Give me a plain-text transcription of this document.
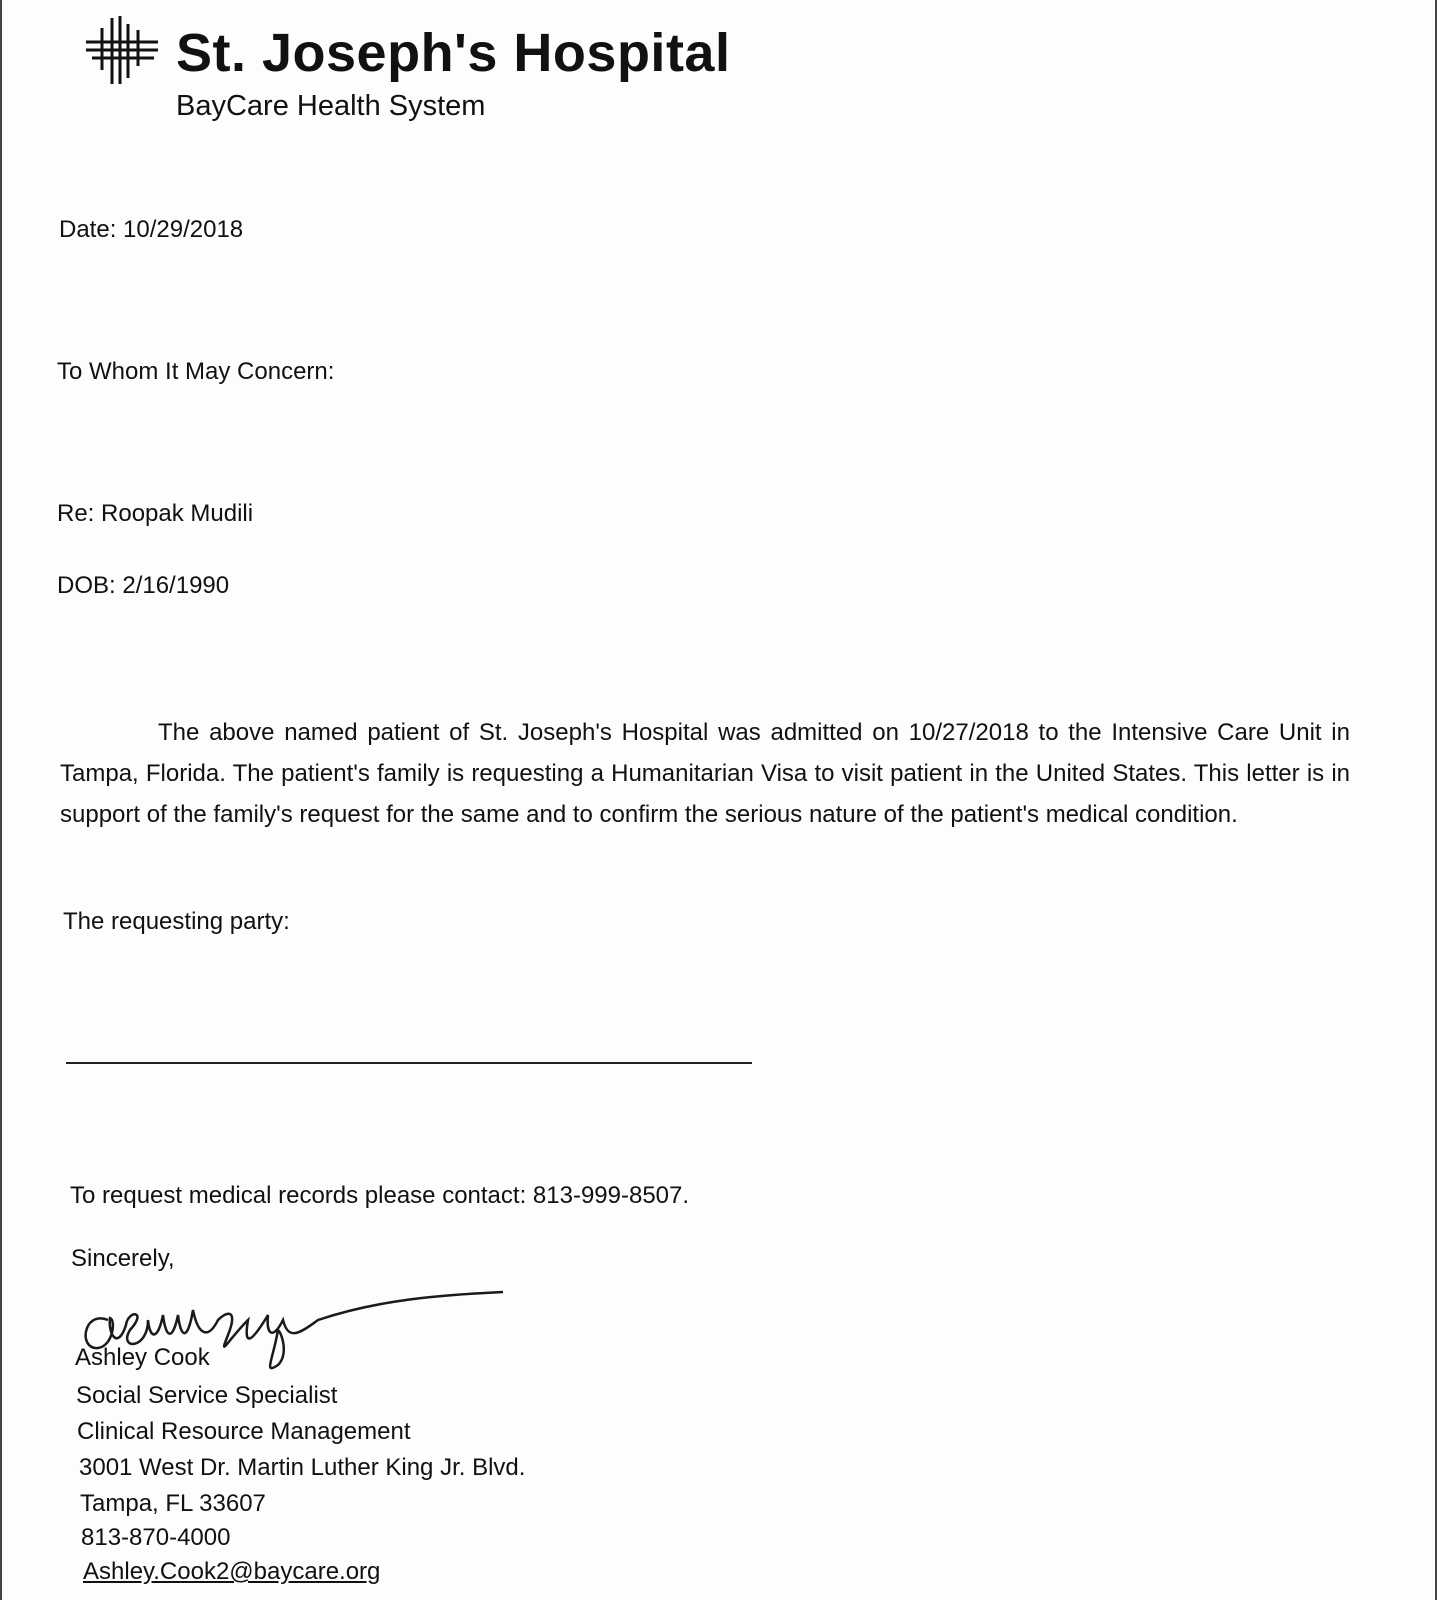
St. Joseph's Hospital
BayCare Health System
Date: 10/29/2018
To Whom It May Concern:
Re: Roopak Mudili
DOB: 2/16/1990
The above named patient of St. Joseph's Hospital was admitted on 10/27/2018 to the Intensive Care Unit in Tampa, Florida. The patient's family is requesting a Humanitarian Visa to visit patient in the United States. This letter is in support of the family's request for the same and to confirm the serious nature of the patient's medical condition.
The requesting party:
To request medical records please contact: 813-999-8507.
Sincerely,
Ashley Cook
Social Service Specialist
Clinical Resource Management
3001 West Dr. Martin Luther King Jr. Blvd.
Tampa, FL 33607
813-870-4000
Ashley.Cook2@baycare.org
